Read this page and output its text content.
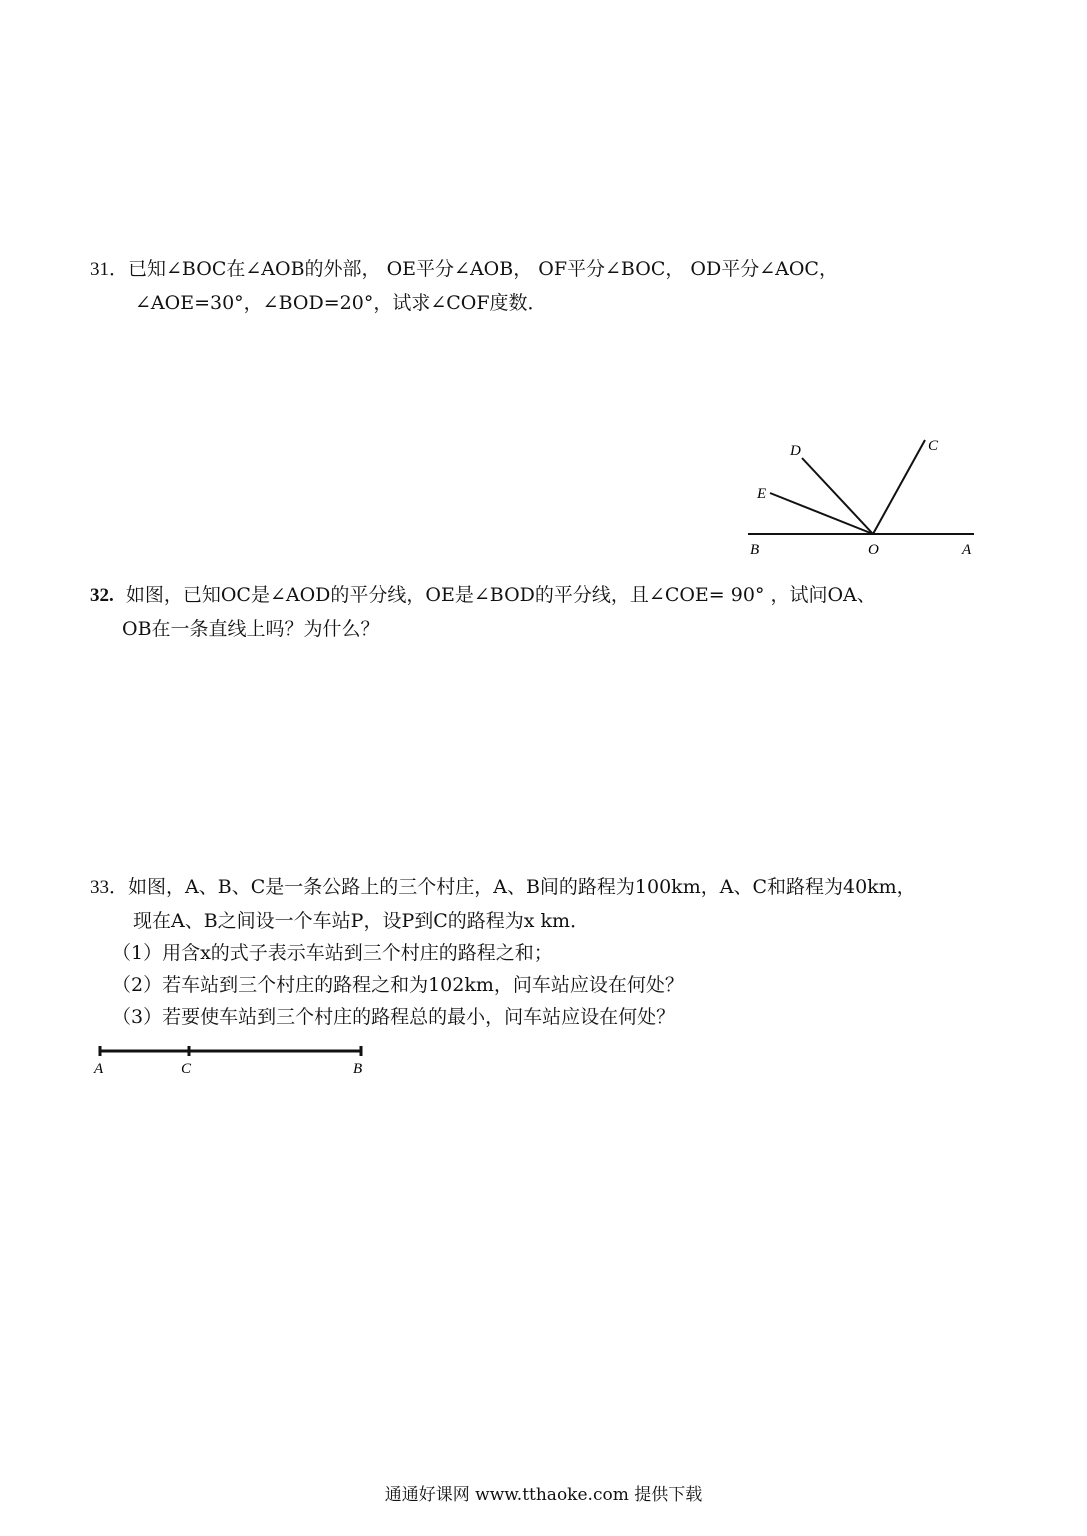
31．已知∠BOC在∠AOB的外部， OE平分∠AOB， OF平分∠BOC， OD平分∠AOC，
∠AOE=30°，∠BOD=20°，试求∠COF度数．
D	C
E
B	O	A
32. 如图，已知OC是∠AOD的平分线，OE是∠BOD的平分线，且∠COE= 90° ，试问OA、
OB在一条直线上吗？为什么？
33．如图，A、B、C是一条公路上的三个村庄，A、B间的路程为100km，A、C和路程为40km，
现在A、B之间设一个车站P，设P到C的路程为x km．
（1）用含x的式子表示车站到三个村庄的路程之和；
（2）若车站到三个村庄的路程之和为102km，问车站应设在何处？
（3）若要使车站到三个村庄的路程总的最小，问车站应设在何处？
A	C	B
通通好课网 www.tthaoke.com 提供下载
